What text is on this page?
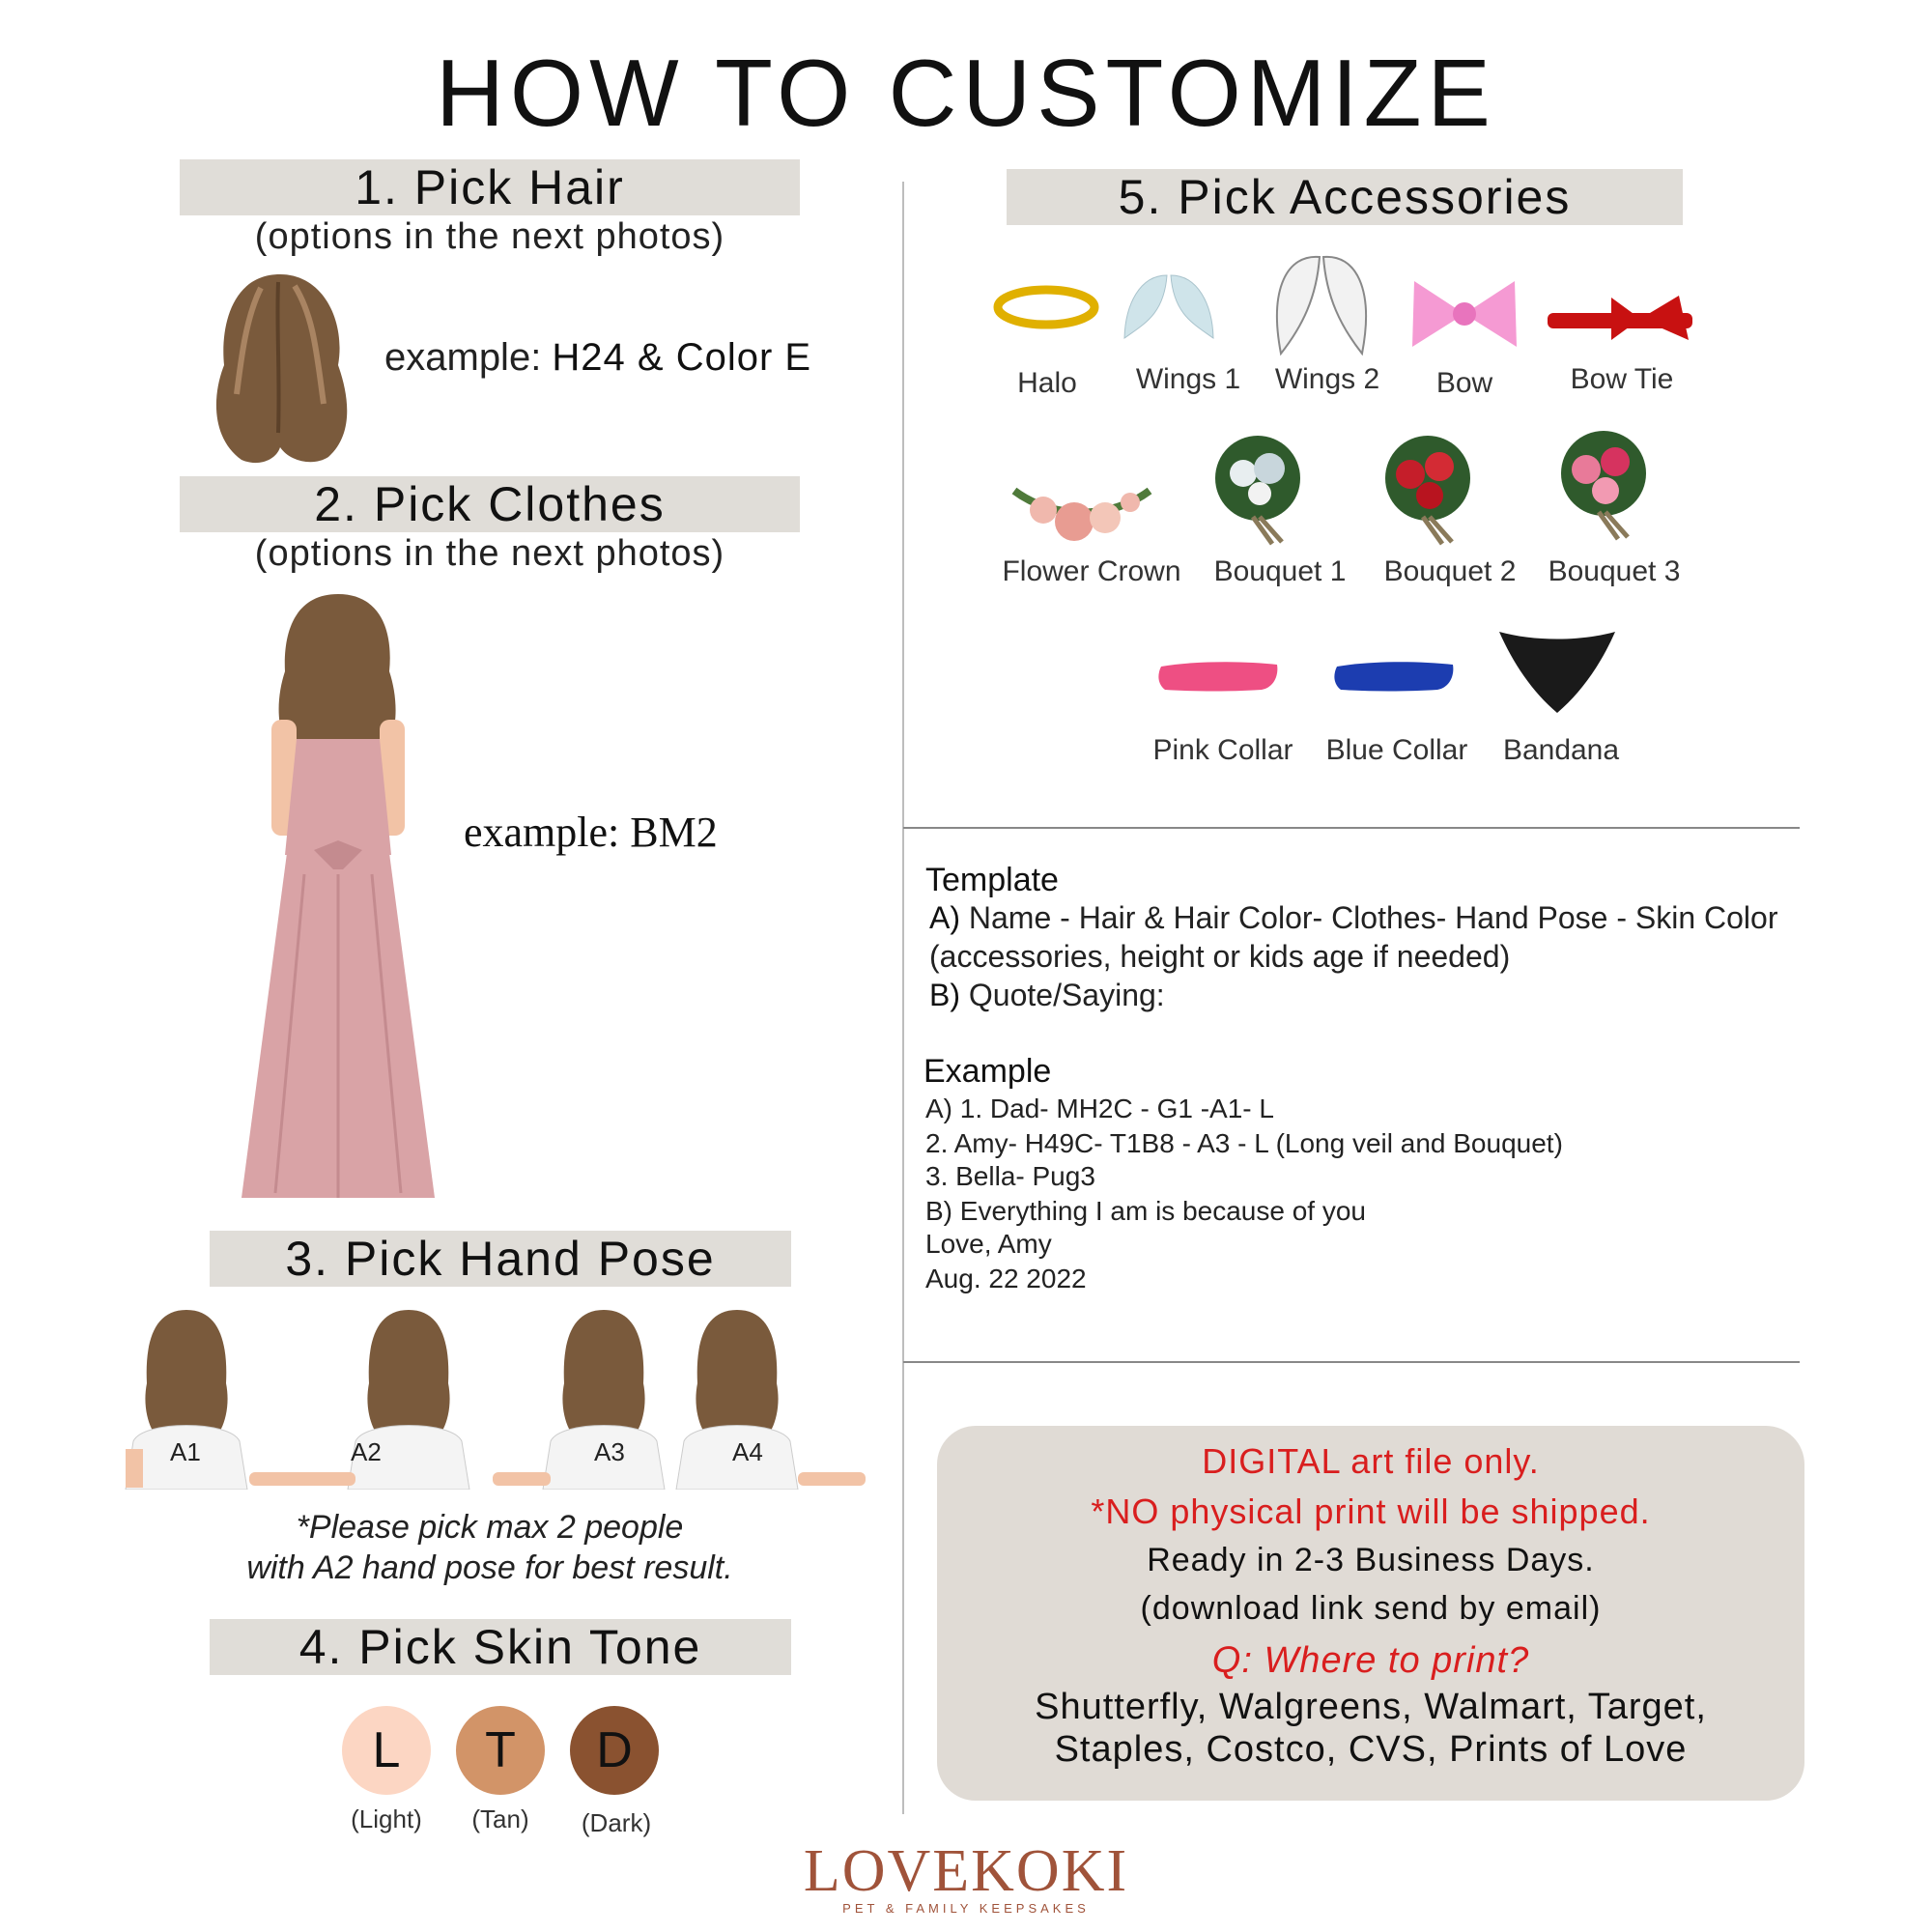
HOW TO CUSTOMIZE
1. Pick Hair
(options in the next photos)
example: H24 & Color E
2. Pick Clothes
(options in the next photos)
example: BM2
3. Pick Hand Pose
A1	A2	A3	A4
*Please pick max 2 people
with A2 hand pose for best result.
4. Pick Skin Tone
L	T	D
(Light)	(Tan)	(Dark)
5. Pick Accessories
Halo	Wings 1 Wings 2	Bow	Bow Tie
Flower Crown Bouquet 1 Bouquet 2 Bouquet 3
Pink Collar Blue Collar	Bandana
Template
A) Name - Hair & Hair Color- Clothes- Hand Pose - Skin Color
(accessories, height or kids age if needed)
B) Quote/Saying:
Example
A) 1. Dad- MH2C - G1 -A1- L
2. Amy- H49C- T1B8 - A3 - L (Long veil and Bouquet)
3. Bella- Pug3
B) Everything I am is because of you
Love, Amy
Aug. 22 2022
DIGITAL art file only.
*NO physical print will be shipped.
Ready in 2-3 Business Days.
(download link send by email)
Q: Where to print?
Shutterfly, Walgreens, Walmart, Target,
Staples, Costco, CVS, Prints of Love
LOVEKOKI
PET & FAMILY KEEPSAKES
